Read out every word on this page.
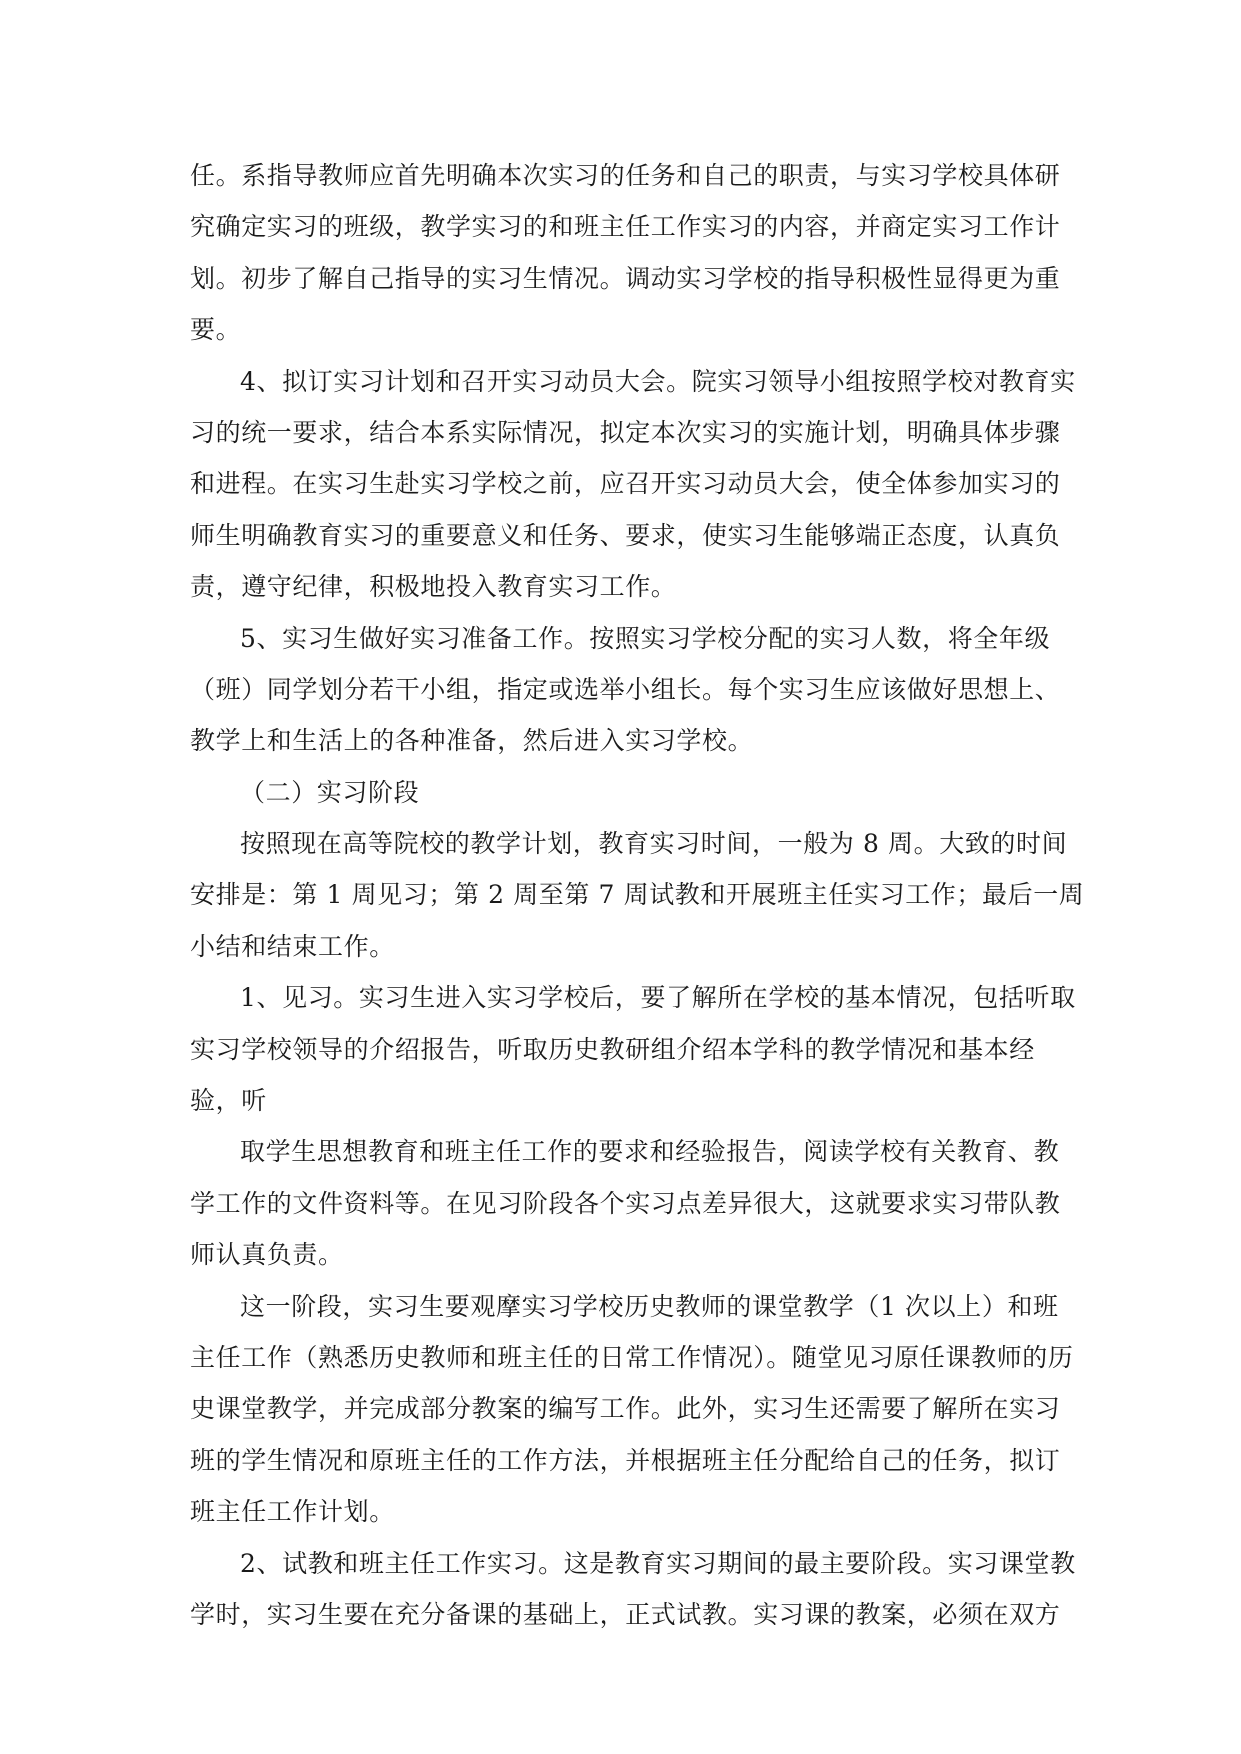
任。系指导教师应首先明确本次实习的任务和自己的职责，与实习学校具体研
究确定实习的班级，教学实习的和班主任工作实习的内容，并商定实习工作计
划。初步了解自己指导的实习生情况。调动实习学校的指导积极性显得更为重
要。
4、拟订实习计划和召开实习动员大会。院实习领导小组按照学校对教育实
习的统一要求，结合本系实际情况，拟定本次实习的实施计划，明确具体步骤
和进程。在实习生赴实习学校之前，应召开实习动员大会，使全体参加实习的
师生明确教育实习的重要意义和任务、要求，使实习生能够端正态度，认真负
责，遵守纪律，积极地投入教育实习工作。
5、实习生做好实习准备工作。按照实习学校分配的实习人数，将全年级
（班）同学划分若干小组，指定或选举小组长。每个实习生应该做好思想上、
教学上和生活上的各种准备，然后进入实习学校。
（二）实习阶段
按照现在高等院校的教学计划，教育实习时间，一般为 8 周。大致的时间
安排是：第 1 周见习；第 2 周至第 7 周试教和开展班主任实习工作；最后一周
小结和结束工作。
1、见习。实习生进入实习学校后，要了解所在学校的基本情况，包括听取
实习学校领导的介绍报告，听取历史教研组介绍本学科的教学情况和基本经
验，听
取学生思想教育和班主任工作的要求和经验报告，阅读学校有关教育、教
学工作的文件资料等。在见习阶段各个实习点差异很大，这就要求实习带队教
师认真负责。
这一阶段，实习生要观摩实习学校历史教师的课堂教学（1 次以上）和班
主任工作（熟悉历史教师和班主任的日常工作情况）。随堂见习原任课教师的历
史课堂教学，并完成部分教案的编写工作。此外，实习生还需要了解所在实习
班的学生情况和原班主任的工作方法，并根据班主任分配给自己的任务，拟订
班主任工作计划。
2、试教和班主任工作实习。这是教育实习期间的最主要阶段。实习课堂教
学时，实习生要在充分备课的基础上，正式试教。实习课的教案，必须在双方
